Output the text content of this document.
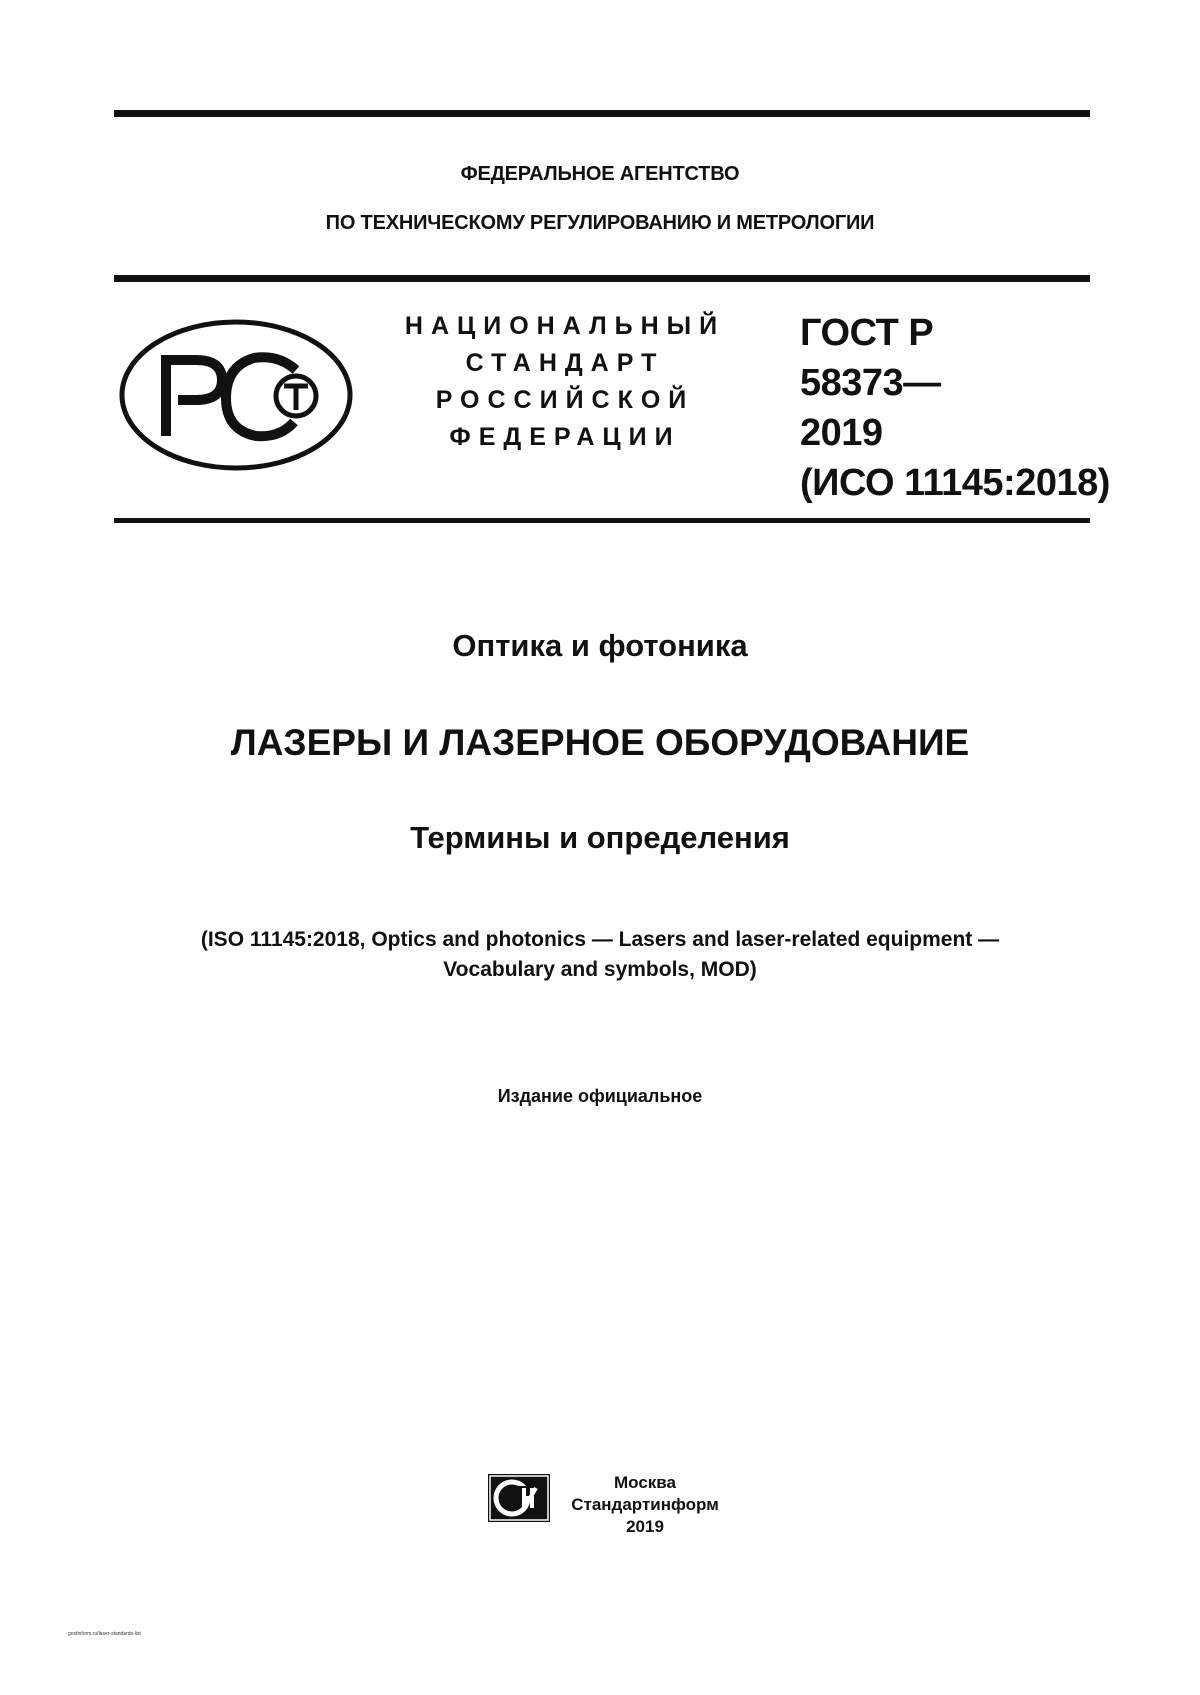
ФЕДЕРАЛЬНОЕ АГЕНТСТВО
ПО ТЕХНИЧЕСКОМУ РЕГУЛИРОВАНИЮ И МЕТРОЛОГИИ
НАЦИОНАЛЬНЫЙ
СТАНДАРТ
РОССИЙСКОЙ
ФЕДЕРАЦИИ
ГОСТ Р
58373—
2019
(ИСО 11145:2018)
Оптика и фотоника
ЛАЗЕРЫ И ЛАЗЕРНОЕ ОБОРУДОВАНИЕ
Термины и определения
(ISO 11145:2018, Optics and photonics — Lasers and laser-related equipment —
Vocabulary and symbols, MOD)
Издание официальное
Москва
Стандартинформ
2019
gostinform.ru/laser-standards-list
